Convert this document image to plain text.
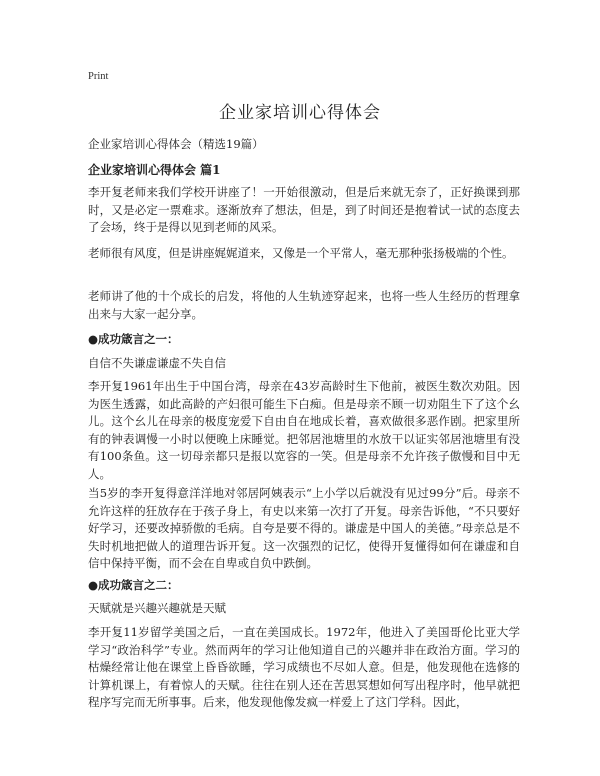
Print
企业家培训心得体会
企业家培训心得体会（精选19篇）
企业家培训心得体会 篇1
李开复老师来我们学校开讲座了！一开始很激动，但是后来就无奈了，正好换课到那时，又是必定一票难求。逐渐放弃了想法，但是，到了时间还是抱着试一试的态度去了会场，终于是得以见到老师的风采。
老师很有风度，但是讲座娓娓道来，又像是一个平常人，毫无那种张扬极端的个性。
老师讲了他的十个成长的启发，将他的人生轨迹穿起来，也将一些人生经历的哲理拿出来与大家一起分享。
●成功箴言之一：
自信不失谦虚谦虚不失自信
李开复1961年出生于中国台湾，母亲在43岁高龄时生下他前，被医生数次劝阻。因为医生透露，如此高龄的产妇很可能生下白痴。但是母亲不顾一切劝阻生下了这个幺儿。这个幺儿在母亲的极度宠爱下自由自在地成长着，喜欢做很多恶作剧。把家里所有的钟表调慢一小时以便晚上床睡觉。把邻居池塘里的水放干以证实邻居池塘里有没有100条鱼。这一切母亲都只是报以宽容的一笑。但是母亲不允许孩子傲慢和目中无人。
当5岁的李开复得意洋洋地对邻居阿姨表示“上小学以后就没有见过99分”后。母亲不允许这样的狂放存在于孩子身上，有史以来第一次打了开复。母亲告诉他，“不只要好好学习，还要改掉骄傲的毛病。自夸是要不得的。谦虚是中国人的美德。”母亲总是不失时机地把做人的道理告诉开复。这一次强烈的记忆，使得开复懂得如何在谦虚和自信中保持平衡，而不会在自卑或自负中跌倒。
●成功箴言之二：
天赋就是兴趣兴趣就是天赋
李开复11岁留学美国之后，一直在美国成长。1972年，他进入了美国哥伦比亚大学学习“政治科学”专业。然而两年的学习让他知道自己的兴趣并非在政治方面。学习的枯燥经常让他在课堂上昏昏欲睡，学习成绩也不尽如人意。但是，他发现他在选修的计算机课上，有着惊人的天赋。往往在别人还在苦思冥想如何写出程序时，他早就把程序写完而无所事事。后来，他发现他像发疯一样爱上了这门学科。因此，
